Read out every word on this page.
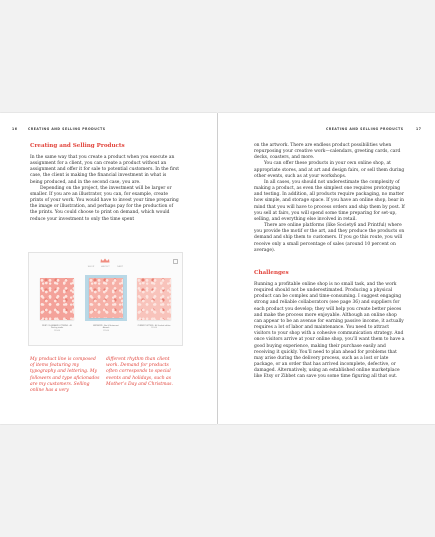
16	CREATING AND SELLING PRODUCTS
Creating and Selling Products

In the same way that you create a product when you execute an assignment for a client, you can create a product without an assignment and offer it for sale to potential customers. In the first case, the client is making the financial investment in what is being produced, and in the second case, you are.

Depending on the project, the investment will be larger or smaller. If you are an illustrator, you can, for example, create prints of your work. You would have to invest your time preparing the image or illustration, and perhaps pay for the production of the prints. You could choose to print on demand, which would reduce your investment to only the time spent

SHOP	ABOUT	CART
PRINT OF A BRAND LETTERING · A3
Printing studio
€20,00
BRÜGENTE · Bar & Restaurant
Artwork
€19,00
CURRENT LETTERS · A3 Limited edition
€20,00
My product line is composed of items featuring my typography and lettering. My followers and type aficionados are my customers. Selling online has a very
different rhythm than client work. Demand for products often corresponds to special events and holidays, such as Mother’s Day and Christmas.
CREATING AND SELLING PRODUCTS	17

on the artwork. There are endless product possibilities when repurposing your creative work—calendars, greeting cards, card decks, coasters, and more.

You can offer these products in your own online shop, at appropriate stores, and at art and design fairs, or sell them during other events, such as at your workshops.

In all cases, you should not underestimate the complexity of making a product, as even the simplest one requires prototyping and testing. In addition, all products require packaging, no matter how simple, and storage space. If you have an online shop, bear in mind that you will have to process orders and ship them by post. If you sell at fairs, you will spend some time preparing for set-up, selling, and everything else involved in retail.

There are online platforms (like Society6 and Printful) where you provide the motif or the art, and they produce the products on demand and ship them to customers. If you go this route, you will receive only a small percentage of sales (around 10 percent on average).

Challenges

Running a profitable online shop is no small task, and the work required should not be underestimated. Producing a physical product can be complex and time-consuming. I suggest engaging strong and reliable collaborators (see page 36) and suppliers for each product you develop; they will help you create better pieces and make the process more enjoyable. Although an online shop can appear to be an avenue for earning passive income, it actually requires a lot of labor and maintenance. You need to attract visitors to your shop with a cohesive communication strategy. And once visitors arrive at your online shop, you’ll want them to have a good buying experience, making their purchase easily and receiving it quickly. You’ll need to plan ahead for problems that may arise during the delivery process, such as a lost or late package, or an order that has arrived incomplete, defective, or damaged. Alternatively, using an established online marketplace like Etsy or Zibbet can save you some time figuring all that out.
